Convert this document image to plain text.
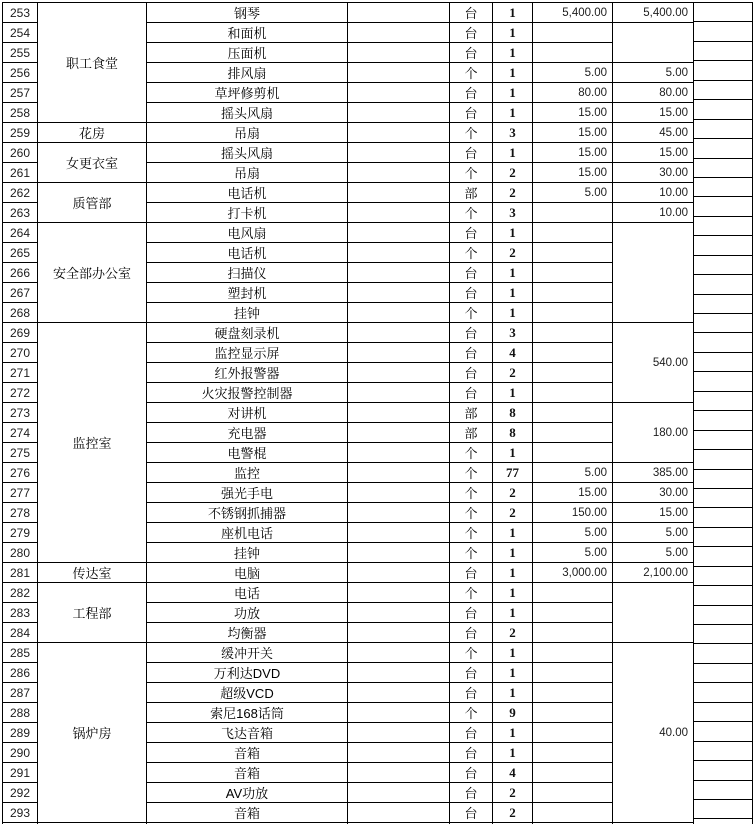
253	职工食堂	钢琴		台	1	5,400.00	5,400.00
254		和面机		台	1		
255		压面机		台	1		
256		排风扇		个	1	5.00	5.00
257		草坪修剪机		台	1	80.00	80.00
258		摇头风扇		台	1	15.00	15.00
259	花房	吊扇		个	3	15.00	45.00
260	女更衣室	摇头风扇		台	1	15.00	15.00
261		吊扇		个	2	15.00	30.00
262	质管部	电话机		部	2	5.00	10.00
263		打卡机		个	3		10.00
264	安全部办公室	电风扇		台	1		
265		电话机		个	2		
266		扫描仪		台	1		
267		塑封机		台	1		
268		挂钟		个	1		
269	监控室	硬盘刻录机		台	3		540.00
270		监控显示屏		台	4		
271		红外报警器		台	2		
272		火灾报警控制器		台	1		
273		对讲机		部	8		180.00
274		充电器		部	8		
275		电警棍		个	1		
276		监控		个	77	5.00	385.00
277		强光手电		个	2	15.00	30.00
278		不锈钢抓捕器		个	2	150.00	15.00
279		座机电话		个	1	5.00	5.00
280		挂钟		个	1	5.00	5.00
281	传达室	电脑		台	1	3,000.00	2,100.00
282	工程部	电话		个	1		
283		功放		台	1		
284		均衡器		台	2		
285	锅炉房	缓冲开关		个	1		40.00
286		万利达DVD		台	1		
287		超级VCD		台	1		
288		索尼168话筒		个	9		
289		飞达音箱		台	1		
290		音箱		台	1		
291		音箱		台	4		
292		AV功放		台	2		
293		音箱		台	2		
